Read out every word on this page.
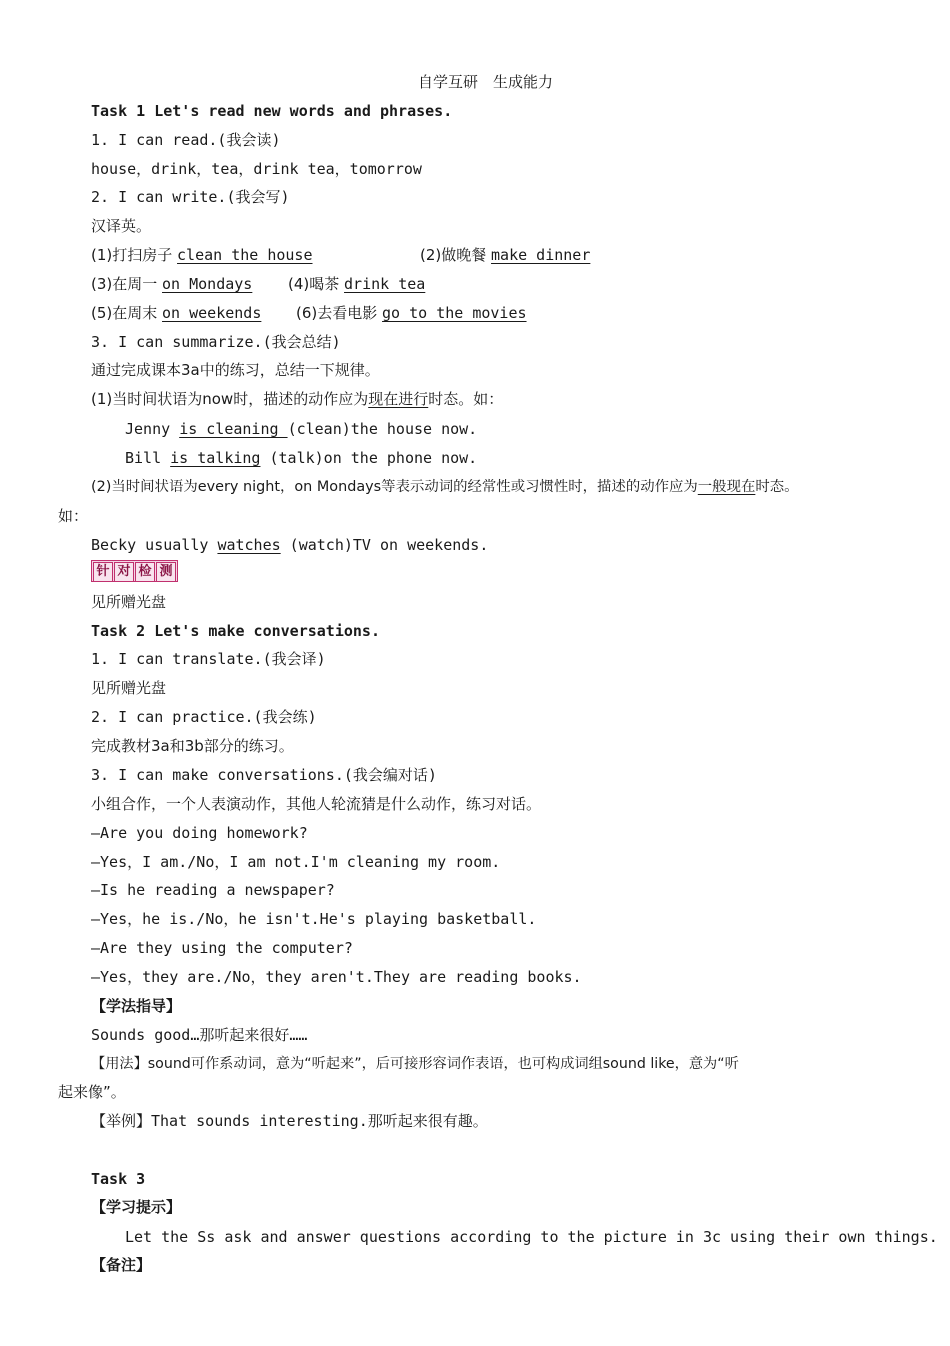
自学互研　生成能力
Task 1 Let's read new words and phrases.
1. I can read.(我会读)
house，drink，tea，drink tea，tomorrow
2. I can write.(我会写)
汉译英。
(1)打扫房子 clean the house	(2)做晚餐 make dinner
(3)在周一 on Mondays (4)喝茶 drink tea
(5)在周末 on weekends (6)去看电影 go to the movies
3. I can summarize.(我会总结)
通过完成课本3a中的练习，总结一下规律。
(1)当时间状语为now时，描述的动作应为现在进行时态。如：
Jenny is cleaning (clean)the house now.
Bill is talking (talk)on the phone now.
(2)当时间状语为every night，on Mondays等表示动词的经常性或习惯性时，描述的动作应为一般现在时态。
如：
Becky usually watches (watch)TV on weekends.
针 对 检 测
见所赠光盘
Task 2 Let's make conversations.
1. I can translate.(我会译)
见所赠光盘
2. I can practice.(我会练)
完成教材3a和3b部分的练习。
3. I can make conversations.(我会编对话)
小组合作，一个人表演动作，其他人轮流猜是什么动作，练习对话。
—Are you doing homework?
—Yes，I am./No，I am not.I'm cleaning my room.
—Is he reading a newspaper?
—Yes，he is./No，he isn't.He's playing basketball.
—Are they using the computer?
—Yes，they are./No，they aren't.They are reading books.
【学法指导】
Sounds good…那听起来很好……
【用法】sound可作系动词，意为“听起来”，后可接形容词作表语，也可构成词组sound like，意为“听
起来像”。
【举例】That sounds interesting.那听起来很有趣。
Task 3
【学习提示】
Let the Ss ask and answer questions according to the picture in 3c using their own things.
【备注】
